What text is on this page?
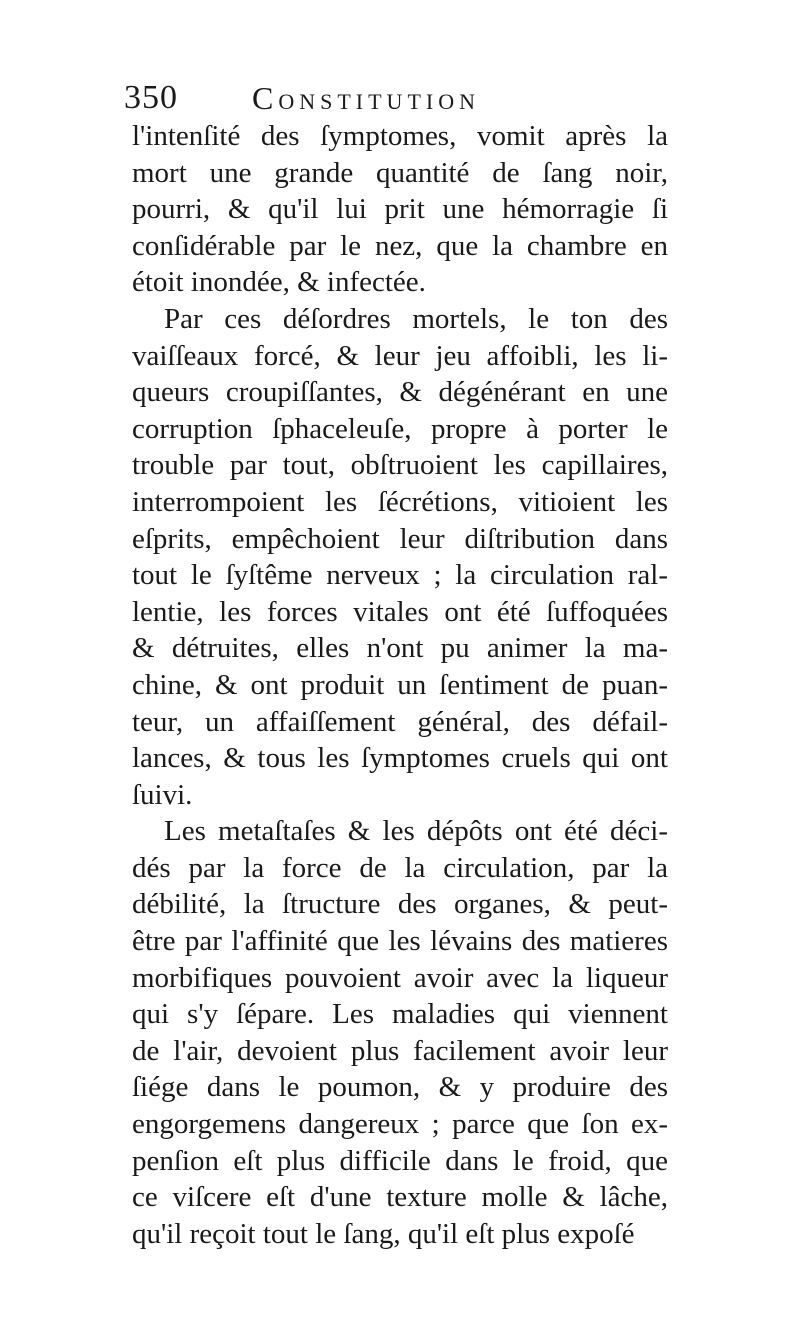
350 Constitution
l'intenſité des ſymptomes, vomit après la
mort une grande quantité de ſang noir,
pourri, & qu'il lui prit une hémorragie ſi
conſidérable par le nez, que la chambre en
étoit inondée, & infectée.
Par ces déſordres mortels, le ton des
vaiſſeaux forcé, & leur jeu affoibli, les li-
queurs croupiſſantes, & dégénérant en une
corruption ſphaceleuſe, propre à porter le
trouble par tout, obſtruoient les capillaires,
interrompoient les ſécrétions, vitioient les
eſprits, empêchoient leur diſtribution dans
tout le ſyſtême nerveux ; la circulation ral-
lentie, les forces vitales ont été ſuffoquées
& détruites, elles n'ont pu animer la ma-
chine, & ont produit un ſentiment de puan-
teur, un affaiſſement général, des défail-
lances, & tous les ſymptomes cruels qui ont
ſuivi.
Les metaſtaſes & les dépôts ont été déci-
dés par la force de la circulation, par la
débilité, la ſtructure des organes, & peut-
être par l'affinité que les lévains des matieres
morbifiques pouvoient avoir avec la liqueur
qui s'y ſépare. Les maladies qui viennent
de l'air, devoient plus facilement avoir leur
ſiége dans le poumon, & y produire des
engorgemens dangereux ; parce que ſon ex-
penſion eſt plus difficile dans le froid, que
ce viſcere eſt d'une texture molle & lâche,
qu'il reçoit tout le ſang, qu'il eſt plus expoſé
